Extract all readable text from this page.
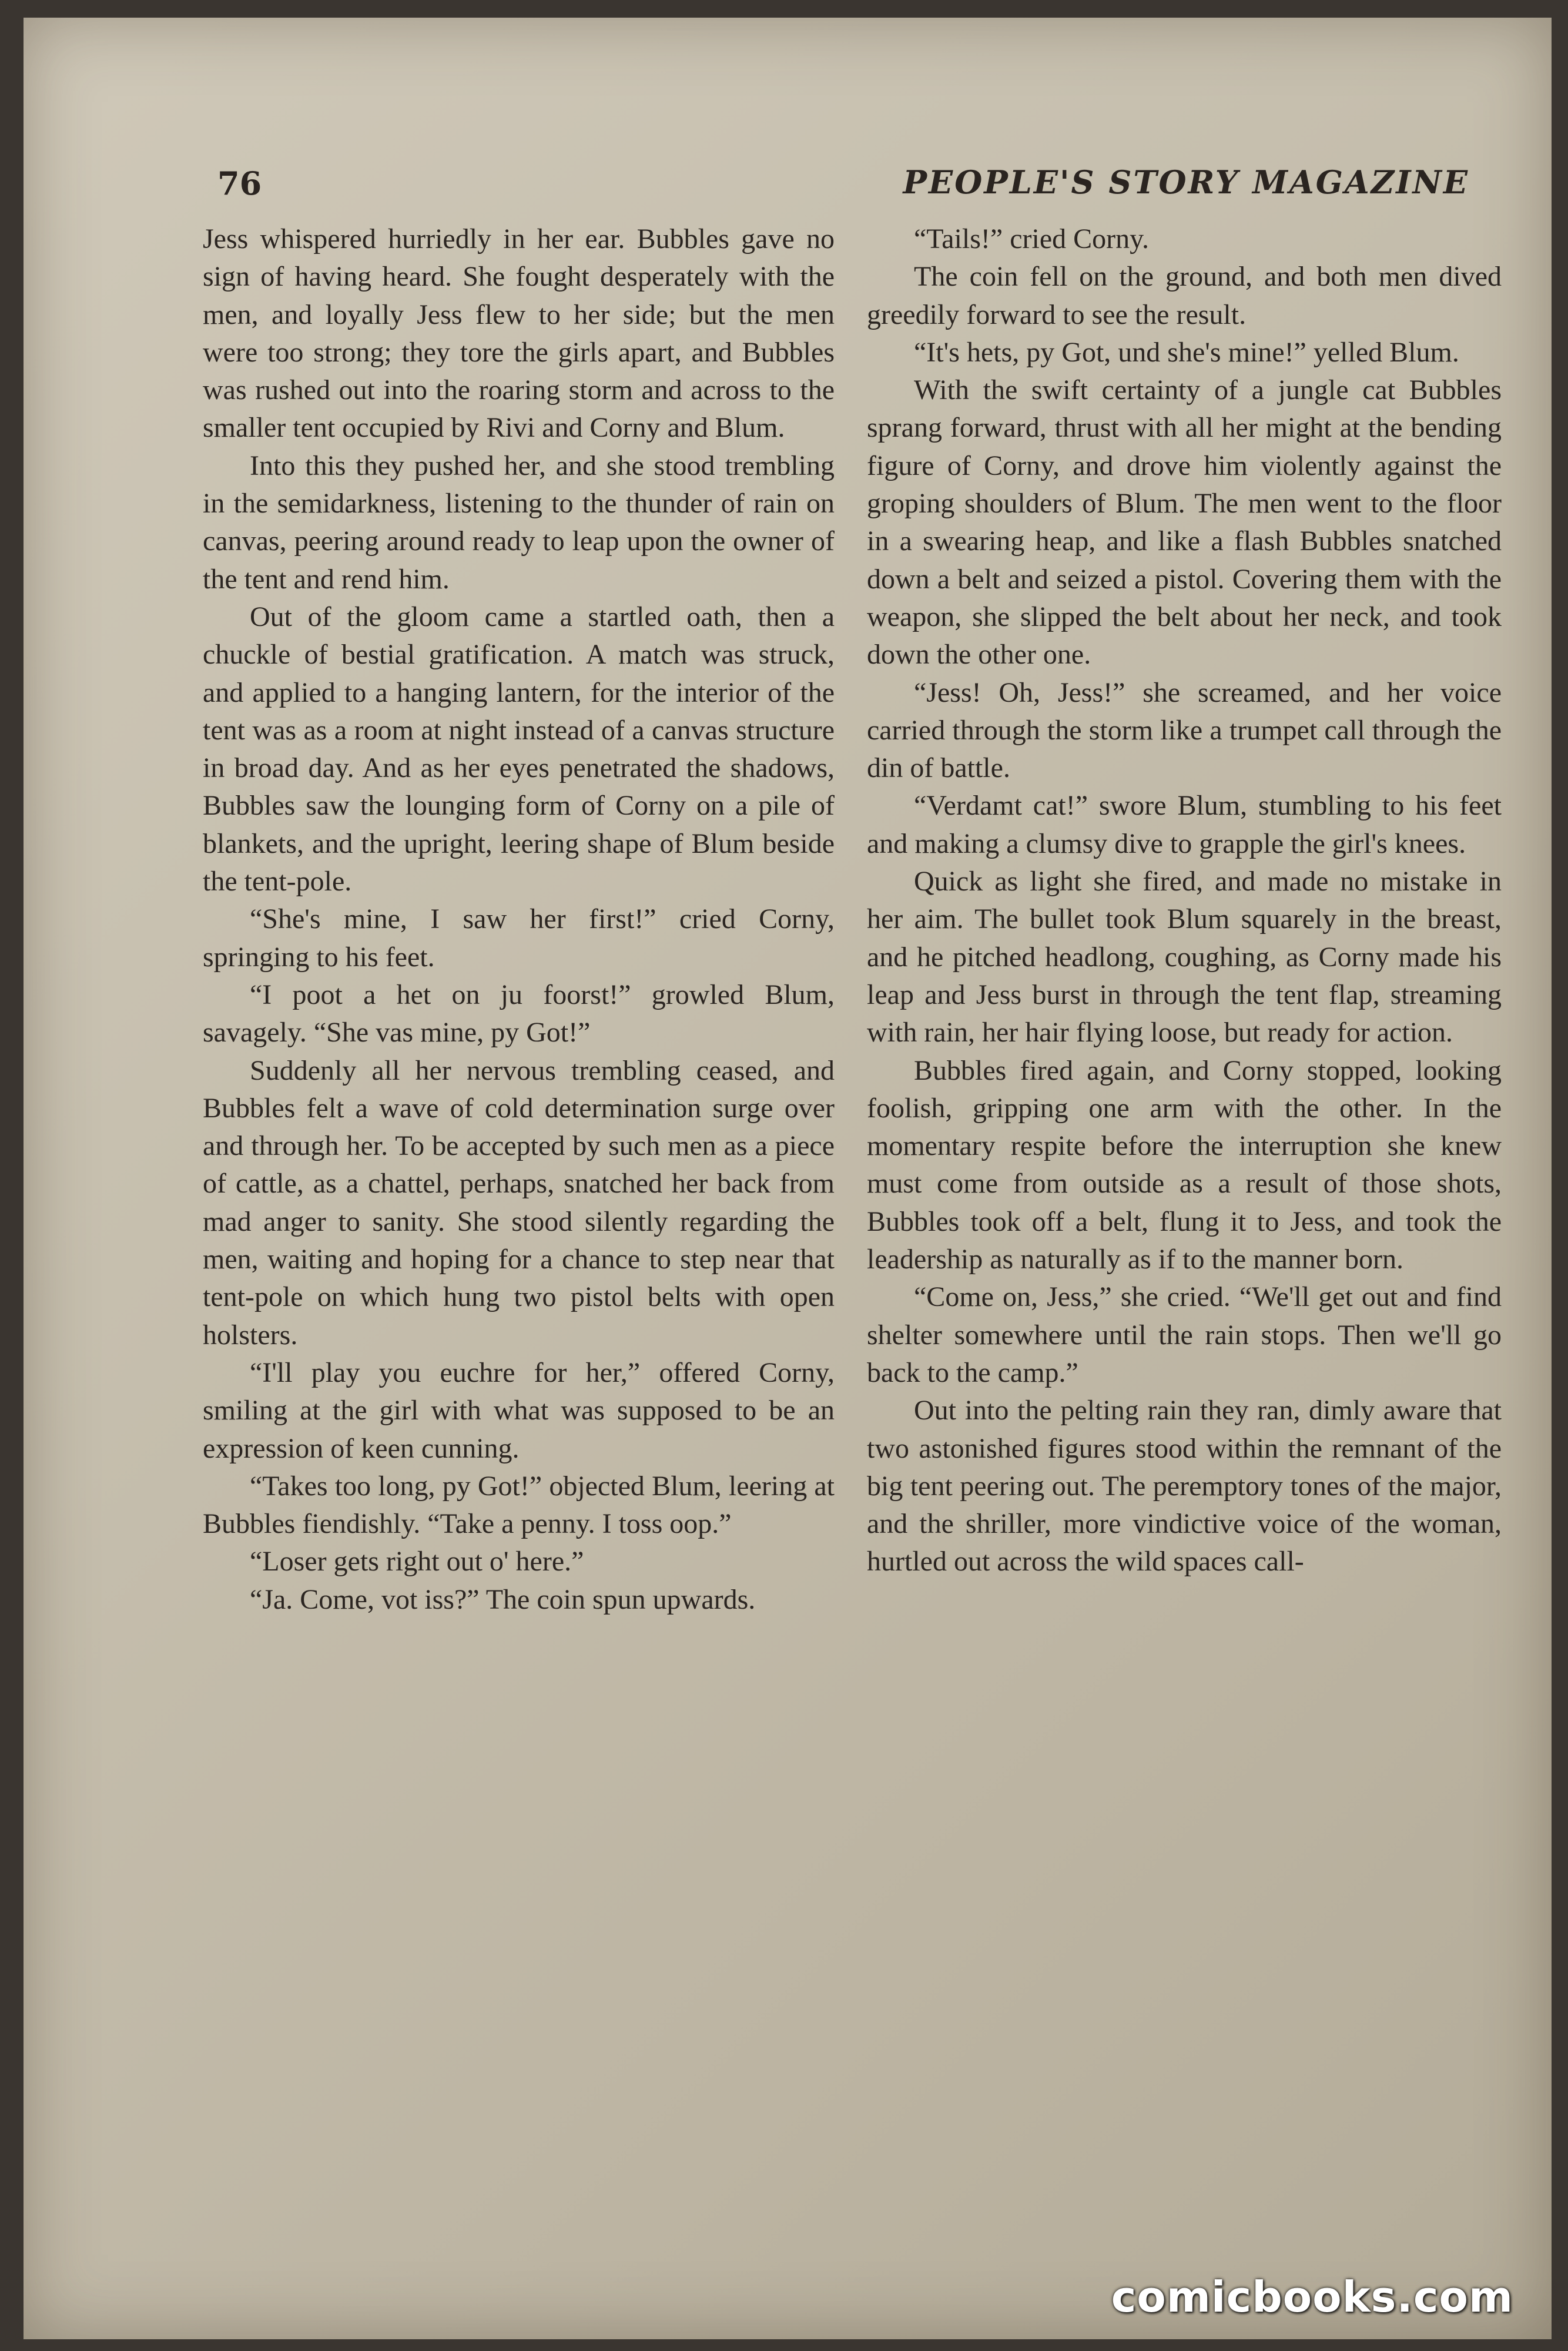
76	PEOPLE'S STORY MAGAZINE

Jess whispered hurriedly in her ear. Bubbles gave no sign of having heard. She fought desperately with the men, and loyally Jess flew to her side; but the men were too strong; they tore the girls apart, and Bubbles was rushed out into the roaring storm and across to the smaller tent occupied by Rivi and Corny and Blum.

Into this they pushed her, and she stood trembling in the semidarkness, listening to the thunder of rain on canvas, peering around ready to leap upon the owner of the tent and rend him.

Out of the gloom came a startled oath, then a chuckle of bestial gratification. A match was struck, and applied to a hanging lantern, for the interior of the tent was as a room at night instead of a canvas structure in broad day. And as her eyes penetrated the shadows, Bubbles saw the lounging form of Corny on a pile of blankets, and the upright, leering shape of Blum beside the tent-pole.

“She's mine, I saw her first!” cried Corny, springing to his feet.

“I poot a het on ju foorst!” growled Blum, savagely. “She vas mine, py Got!”

Suddenly all her nervous trembling ceased, and Bubbles felt a wave of cold determination surge over and through her. To be accepted by such men as a piece of cattle, as a chattel, perhaps, snatched her back from mad anger to sanity. She stood silently regarding the men, waiting and hoping for a chance to step near that tent-pole on which hung two pistol belts with open holsters.

“I'll play you euchre for her,” offered Corny, smiling at the girl with what was supposed to be an expression of keen cunning.

“Takes too long, py Got!” objected Blum, leering at Bubbles fiendishly. “Take a penny. I toss oop.”

“Loser gets right out o' here.”

“Ja. Come, vot iss?” The coin spun upwards.

“Tails!” cried Corny.

The coin fell on the ground, and both men dived greedily forward to see the result.

“It's hets, py Got, und she's mine!” yelled Blum.

With the swift certainty of a jungle cat Bubbles sprang forward, thrust with all her might at the bending figure of Corny, and drove him violently against the groping shoulders of Blum. The men went to the floor in a swearing heap, and like a flash Bubbles snatched down a belt and seized a pistol. Covering them with the weapon, she slipped the belt about her neck, and took down the other one.

“Jess! Oh, Jess!” she screamed, and her voice carried through the storm like a trumpet call through the din of battle.

“Verdamt cat!” swore Blum, stumbling to his feet and making a clumsy dive to grapple the girl's knees.

Quick as light she fired, and made no mistake in her aim. The bullet took Blum squarely in the breast, and he pitched headlong, coughing, as Corny made his leap and Jess burst in through the tent flap, streaming with rain, her hair flying loose, but ready for action.

Bubbles fired again, and Corny stopped, looking foolish, gripping one arm with the other. In the momentary respite before the interruption she knew must come from outside as a result of those shots, Bubbles took off a belt, flung it to Jess, and took the leadership as naturally as if to the manner born.

“Come on, Jess,” she cried. “We'll get out and find shelter somewhere until the rain stops. Then we'll go back to the camp.”

Out into the pelting rain they ran, dimly aware that two astonished figures stood within the remnant of the big tent peering out. The peremptory tones of the major, and the shriller, more vindictive voice of the woman, hurtled out across the wild spaces call-

comicbooks.com
